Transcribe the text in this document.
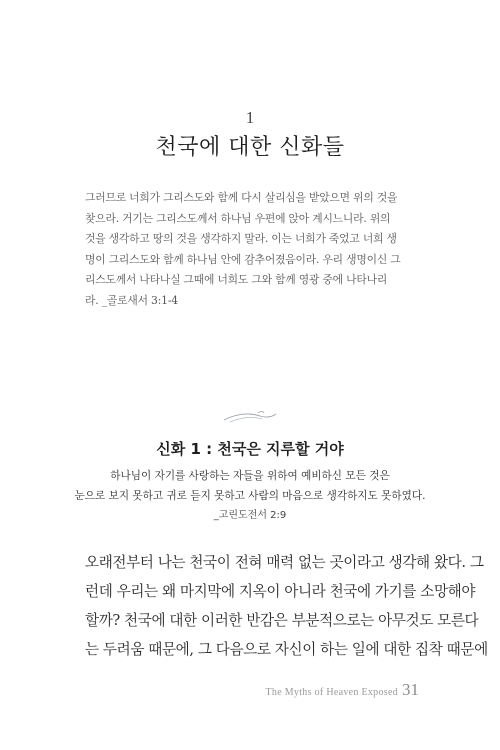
1
천국에 대한 신화들
그러므로 너희가 그리스도와 함께 다시 살리심을 받았으면 위의 것을
찾으라. 거기는 그리스도께서 하나님 우편에 앉아 계시느니라. 위의
것을 생각하고 땅의 것을 생각하지 말라. 이는 너희가 죽었고 너희 생
명이 그리스도와 함께 하나님 안에 감추어졌음이라. 우리 생명이신 그
리스도께서 나타나실 그때에 너희도 그와 함께 영광 중에 나타나리
라. _골로새서 3:1-4
신화 1 : 천국은 지루할 거야
하나님이 자기를 사랑하는 자들을 위하여 예비하신 모든 것은
눈으로 보지 못하고 귀로 듣지 못하고 사람의 마음으로 생각하지도 못하였다.
_고린도전서 2:9
오래전부터 나는 천국이 전혀 매력 없는 곳이라고 생각해 왔다. 그
런데 우리는 왜 마지막에 지옥이 아니라 천국에 가기를 소망해야
할까? 천국에 대한 이러한 반감은 부분적으로는 아무것도 모른다
는 두려움 때문에, 그 다음으로 자신이 하는 일에 대한 집착 때문에
The Myths of Heaven Exposed 31
